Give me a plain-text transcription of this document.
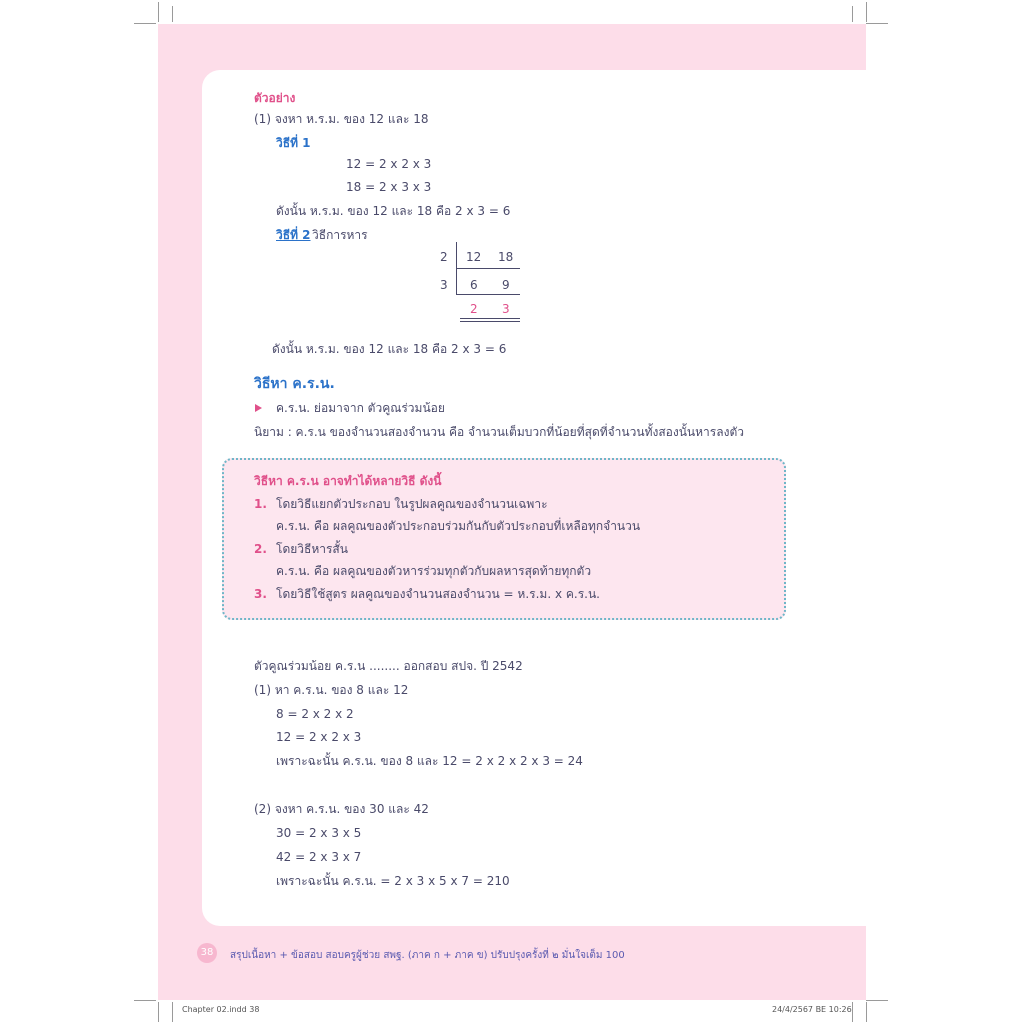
ตัวอย่าง
(1) จงหา ห.ร.ม. ของ 12 และ 18
วิธีที่ 1
12 = 2 x 2 x 3
18 = 2 x 3 x 3
ดังนั้น ห.ร.ม. ของ 12 และ 18 คือ 2 x 3 = 6
วิธีที่ 2 วิธีการหาร
2 12 18
3 6 9
2 3
ดังนั้น ห.ร.ม. ของ 12 และ 18 คือ 2 x 3 = 6
วิธีหา ค.ร.น.
ค.ร.น. ย่อมาจาก ตัวคูณร่วมน้อย
นิยาม : ค.ร.น ของจำนวนสองจำนวน คือ จำนวนเต็มบวกที่น้อยที่สุดที่จำนวนทั้งสองนั้นหารลงตัว
วิธีหา ค.ร.น อาจทำได้หลายวิธี ดังนี้
1. โดยวิธีแยกตัวประกอบ ในรูปผลคูณของจำนวนเฉพาะ
ค.ร.น. คือ ผลคูณของตัวประกอบร่วมกันกับตัวประกอบที่เหลือทุกจำนวน
2. โดยวิธีหารสั้น
ค.ร.น. คือ ผลคูณของตัวหารร่วมทุกตัวกับผลหารสุดท้ายทุกตัว
3. โดยวิธีใช้สูตร ผลคูณของจำนวนสองจำนวน = ห.ร.ม. x ค.ร.น.
ตัวคูณร่วมน้อย ค.ร.น ........ ออกสอบ สปจ. ปี 2542
(1) หา ค.ร.น. ของ 8 และ 12
8 = 2 x 2 x 2
12 = 2 x 2 x 3
เพราะฉะนั้น ค.ร.น. ของ 8 และ 12 = 2 x 2 x 2 x 3 = 24
(2) จงหา ค.ร.น. ของ 30 และ 42
30 = 2 x 3 x 5
42 = 2 x 3 x 7
เพราะฉะนั้น ค.ร.น. = 2 x 3 x 5 x 7 = 210
38	สรุปเนื้อหา + ข้อสอบ สอบครูผู้ช่วย สพฐ. (ภาค ก + ภาค ข) ปรับปรุงครั้งที่ ๒ มั่นใจเต็ม 100
Chapter 02.indd 38	24/4/2567 BE 10:26
